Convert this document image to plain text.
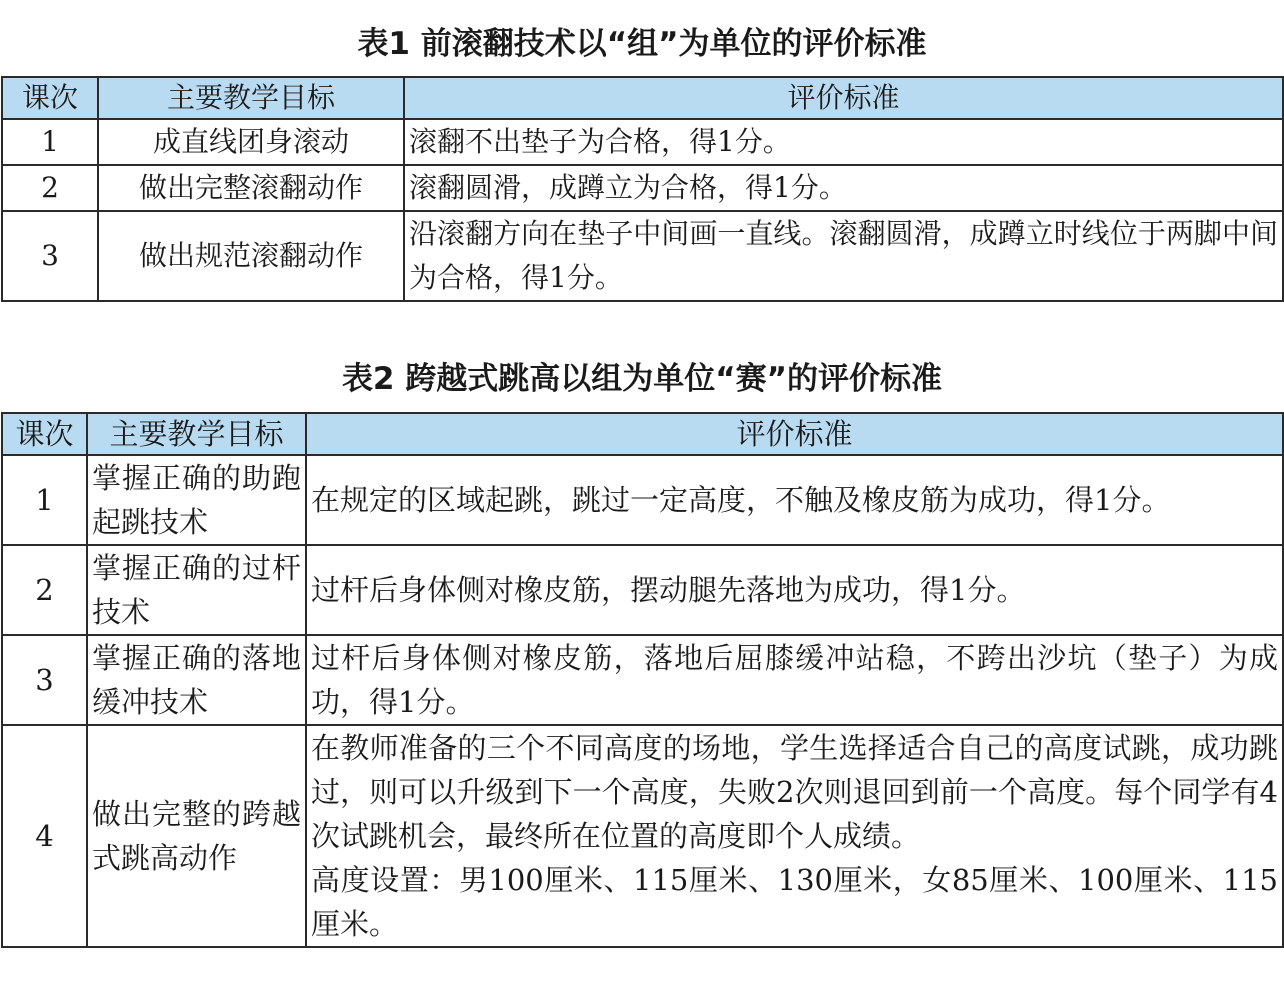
表1 前滚翻技术以“组”为单位的评价标准
课次	主要教学目标	评价标准
1	成直线团身滚动	滚翻不出垫子为合格，得1分。
2	做出完整滚翻动作	滚翻圆滑，成蹲立为合格，得1分。
3	做出规范滚翻动作	沿滚翻方向在垫子中间画一直线。滚翻圆滑，成蹲立时线位于两脚中间为合格，得1分。
表2 跨越式跳高以组为单位“赛”的评价标准
课次	主要教学目标	评价标准
1	掌握正确的助跑起跳技术	在规定的区域起跳，跳过一定高度，不触及橡皮筋为成功，得1分。
2	掌握正确的过杆技术	过杆后身体侧对橡皮筋，摆动腿先落地为成功，得1分。
3	掌握正确的落地缓冲技术	过杆后身体侧对橡皮筋，落地后屈膝缓冲站稳，不跨出沙坑（垫子）为成功，得1分。
4	做出完整的跨越式跳高动作	在教师准备的三个不同高度的场地，学生选择适合自己的高度试跳，成功跳过，则可以升级到下一个高度，失败2次则退回到前一个高度。每个同学有4次试跳机会，最终所在位置的高度即个人成绩。
高度设置：男100厘米、115厘米、130厘米，女85厘米、100厘米、115厘米。
